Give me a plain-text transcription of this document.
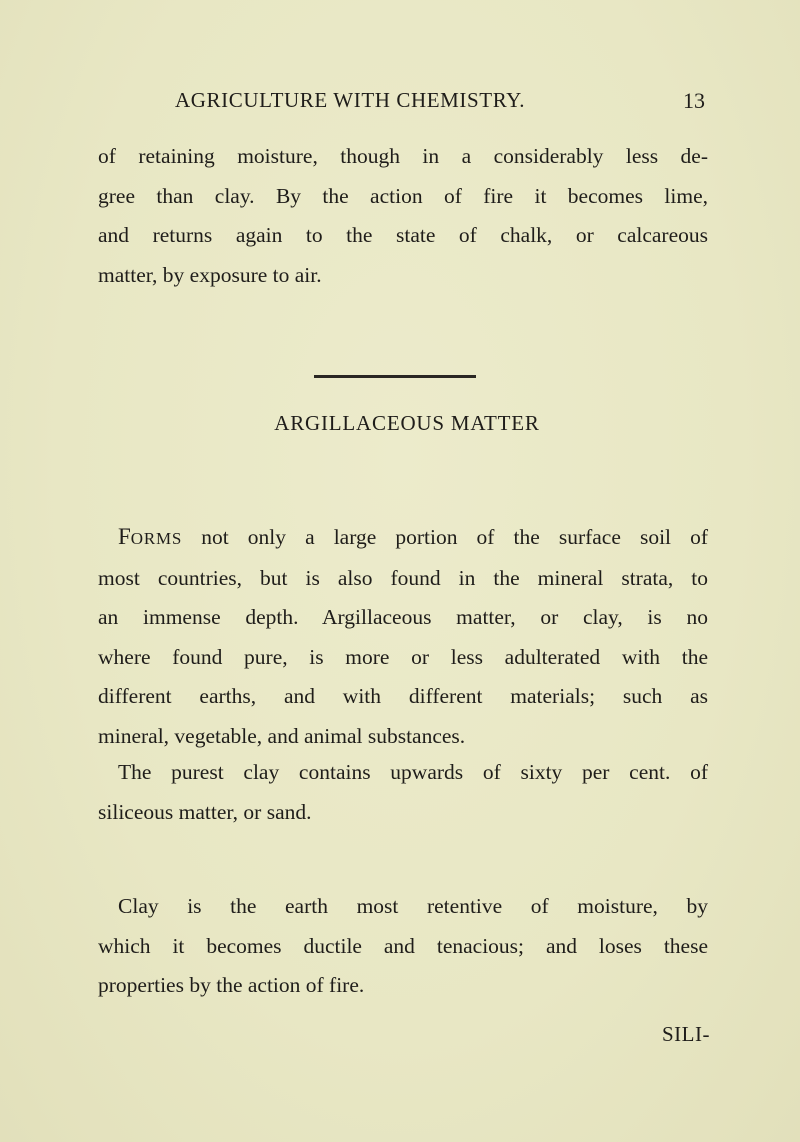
AGRICULTURE WITH CHEMISTRY.	13
of retaining moisture, though in a considerably less de-
gree than clay. By the action of fire it becomes lime,
and returns again to the state of chalk, or calcareous
matter, by exposure to air.
ARGILLACEOUS MATTER
FORMS not only a large portion of the surface soil of
most countries, but is also found in the mineral strata, to
an immense depth. Argillaceous matter, or clay, is no
where found pure, is more or less adulterated with the
different earths, and with different materials; such as
mineral, vegetable, and animal substances.
The purest clay contains upwards of sixty per cent. of
siliceous matter, or sand.
Clay is the earth most retentive of moisture, by
which it becomes ductile and tenacious; and loses these
properties by the action of fire.
SILI-
